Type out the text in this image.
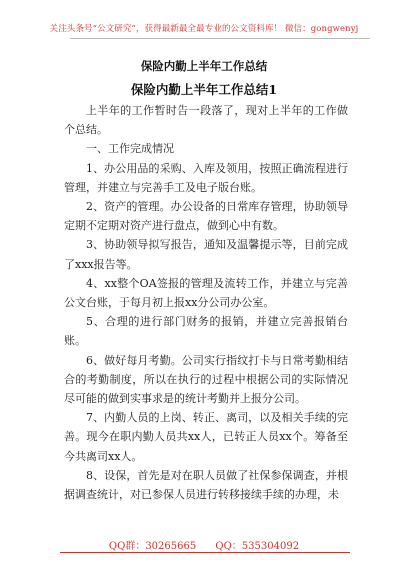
关注头条号“公文研究”，获得最新最全最专业的公文资料库！ 微信：gongwenyj
保险内勤上半年工作总结
保险内勤上半年工作总结1

上半年的工作暂时告一段落了，现对上半年的工作做个总结。

一、工作完成情况

1、办公用品的采购、入库及领用，按照正确流程进行管理，并建立与完善手工及电子版台账。

2、资产的管理。办公设备的日常库存管理，协助领导定期不定期对资产进行盘点，做到心中有数。

3、协助领导拟写报告，通知及温馨提示等，目前完成了xxx报告等。

4、xx整个OA签报的管理及流转工作，并建立与完善公文台账，于每月初上报xx分公司办公室。

5、合理的进行部门财务的报销，并建立完善报销台账。

6、做好每月考勤。公司实行指纹打卡与日常考勤相结合的考勤制度，所以在执行的过程中根据公司的实际情况尽可能的做到实事求是的统计考勤并上报分公司。

7、内勤人员的上岗、转正、离司，以及相关手续的完善。现今在职内勤人员共xx人，已转正人员xx个。筹备至今共离司xx人。

8、设保，首先是对在职人员做了社保参保调查，并根据调查统计，对已参保人员进行转移接续手续的办理，未

QQ群：30265665 QQ：535304092
